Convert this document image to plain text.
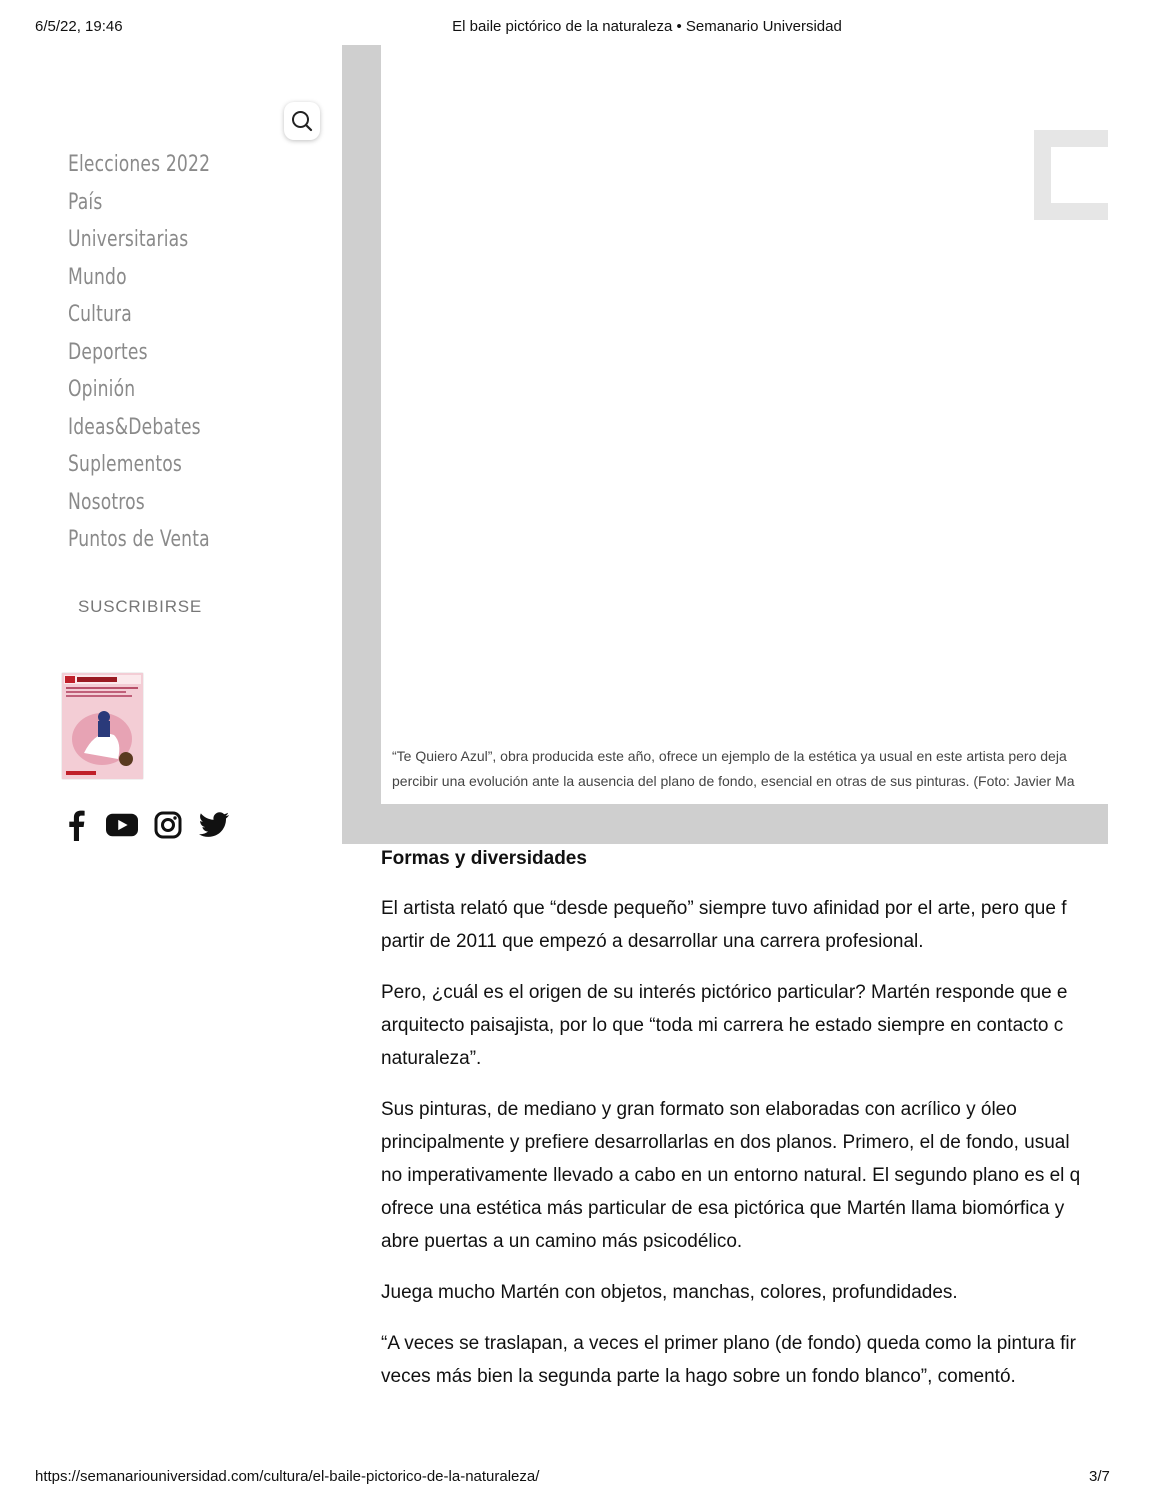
6/5/22, 19:46	El baile pictórico de la naturaleza • Semanario Universidad
https://semanariouniversidad.com/cultura/el-baile-pictorico-de-la-naturaleza/	3/7
Elecciones 2022
País
Universitarias
Mundo
Cultura
Deportes
Opinión
Ideas&Debates
Suplementos
Nosotros
Puntos de Venta
SUSCRIBIRSE
“Te Quiero Azul”, obra producida este año, ofrece un ejemplo de la estética ya usual en este artista pero deja
percibir una evolución ante la ausencia del plano de fondo, esencial en otras de sus pinturas. (Foto: Javier Ma
Formas y diversidades

El artista relató que “desde pequeño” siempre tuvo afinidad por el arte, pero que f
partir de 2011 que empezó a desarrollar una carrera profesional.

Pero, ¿cuál es el origen de su interés pictórico particular? Martén responde que e
arquitecto paisajista, por lo que “toda mi carrera he estado siempre en contacto c
naturaleza”.

Sus pinturas, de mediano y gran formato son elaboradas con acrílico y óleo
principalmente y prefiere desarrollarlas en dos planos. Primero, el de fondo, usual
no imperativamente llevado a cabo en un entorno natural. El segundo plano es el q
ofrece una estética más particular de esa pictórica que Martén llama biomórfica y
abre puertas a un camino más psicodélico.

Juega mucho Martén con objetos, manchas, colores, profundidades.

“A veces se traslapan, a veces el primer plano (de fondo) queda como la pintura fir
veces más bien la segunda parte la hago sobre un fondo blanco”, comentó.
